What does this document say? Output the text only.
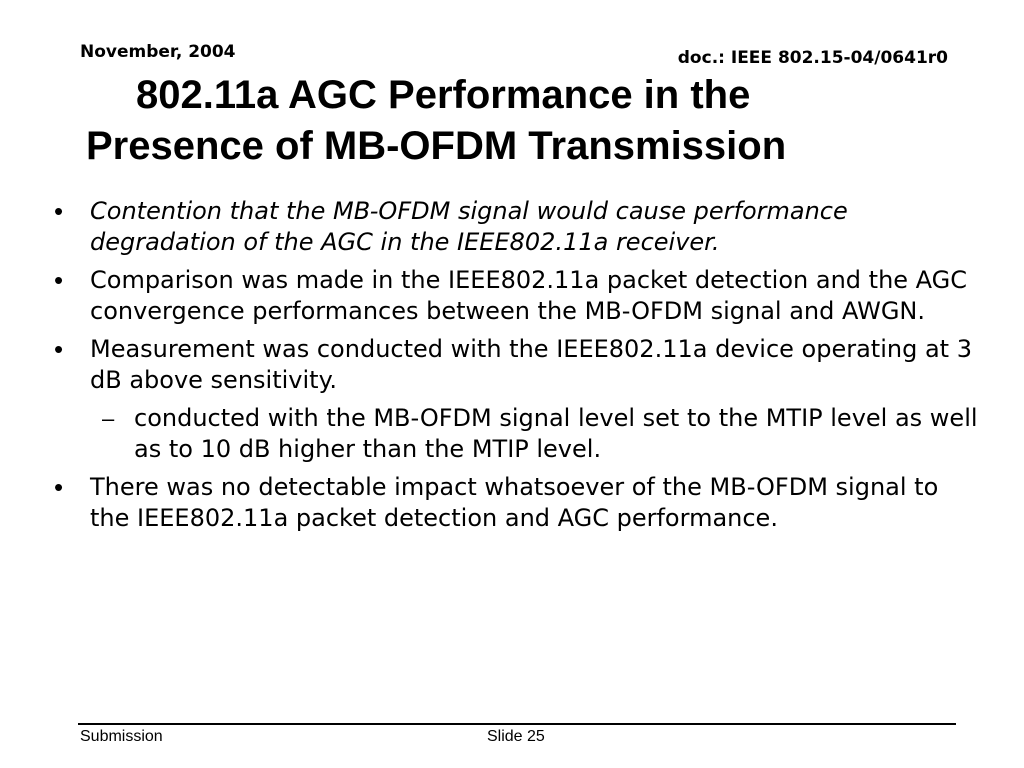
November, 2004	doc.: IEEE 802.15-04/0641r0
802.11a AGC Performance in the
Presence of MB-OFDM Transmission
• Contention that the MB-OFDM signal would cause performance degradation of the AGC in the IEEE802.11a receiver.
• Comparison was made in the IEEE802.11a packet detection and the AGC convergence performances between the MB-OFDM signal and AWGN.
• Measurement was conducted with the IEEE802.11a device operating at 3 dB above sensitivity.
– conducted with the MB-OFDM signal level set to the MTIP level as well as to 10 dB higher than the MTIP level.
• There was no detectable impact whatsoever of the MB-OFDM signal to the IEEE802.11a packet detection and AGC performance.
Submission	Slide 25
